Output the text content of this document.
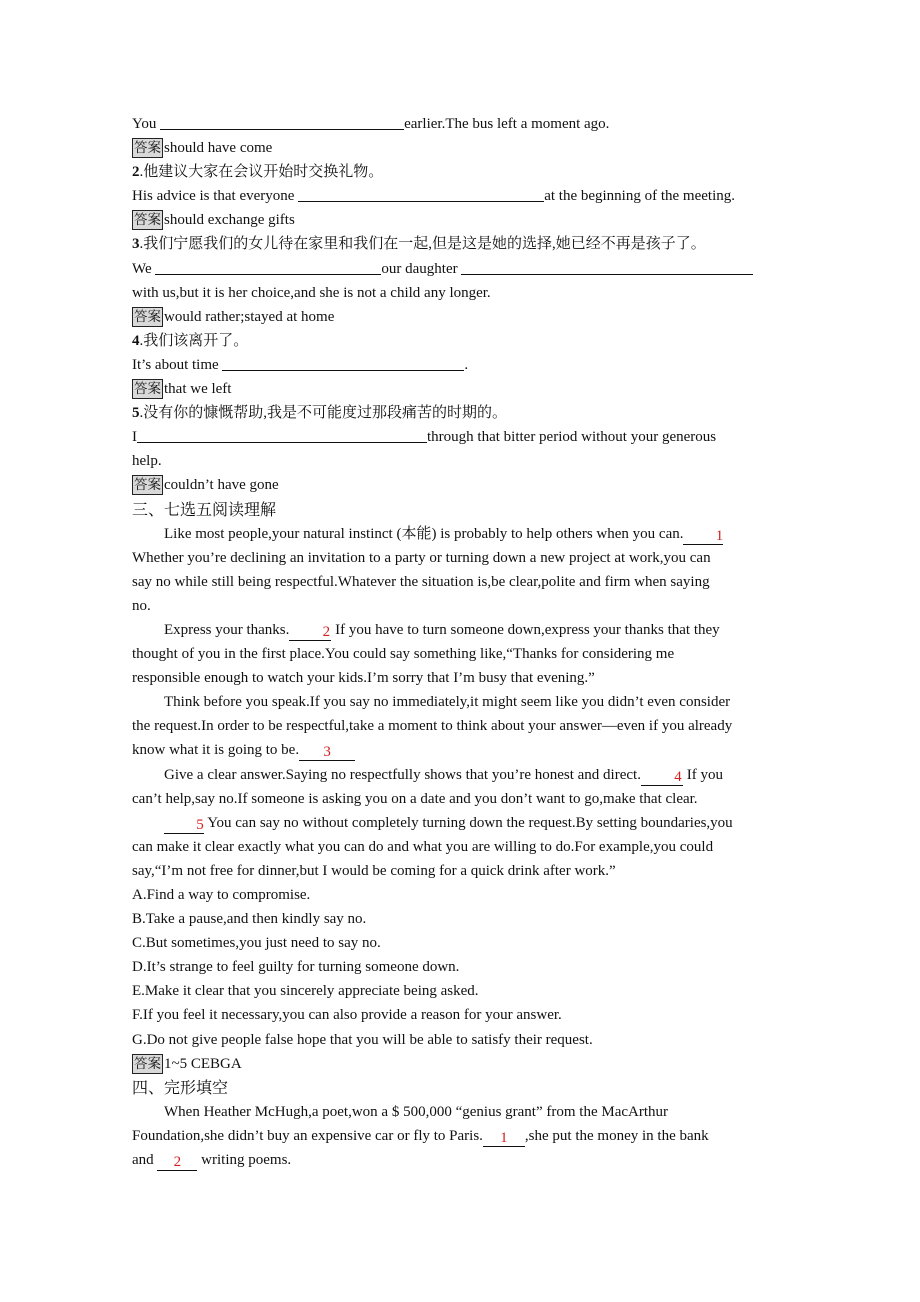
You	earlier.The bus left a moment ago.
答案 should have come
2.他建议大家在会议开始时交换礼物。
His advice is that everyone	at the beginning of the meeting.
答案 should exchange gifts
3.我们宁愿我们的女儿待在家里和我们在一起,但是这是她的选择,她已经不再是孩子了。
We	our daughter
with us,but it is her choice,and she is not a child any longer.
答案 would rather;stayed at home
4.我们该离开了。
It’s about time	.
答案 that we left
5.没有你的慷慨帮助,我是不可能度过那段痛苦的时期的。
I	through that bitter period without your generous
help.
答案 couldn’t have gone
三、七选五阅读理解
Like most people,your natural instinct (本能) is probably to help others when you can. 1
Whether you’re declining an invitation to a party or turning down a new project at work,you can
say no while still being respectful.Whatever the situation is,be clear,polite and firm when saying
no.
Express your thanks. 2 If you have to turn someone down,express your thanks that they
thought of you in the first place.You could say something like,“Thanks for considering me
responsible enough to watch your kids.I’m sorry that I’m busy that evening.”
Think before you speak.If you say no immediately,it might seem like you didn’t even consider
the request.In order to be respectful,take a moment to think about your answer—even if you already
know what it is going to be. 3
Give a clear answer.Saying no respectfully shows that you’re honest and direct. 4 If you
can’t help,say no.If someone is asking you on a date and you don’t want to go,make that clear.
5 You can say no without completely turning down the request.By setting boundaries,you
can make it clear exactly what you can do and what you are willing to do.For example,you could
say,“I’m not free for dinner,but I would be coming for a quick drink after work.”
A.Find a way to compromise.
B.Take a pause,and then kindly say no.
C.But sometimes,you just need to say no.
D.It’s strange to feel guilty for turning someone down.
E.Make it clear that you sincerely appreciate being asked.
F.If you feel it necessary,you can also provide a reason for your answer.
G.Do not give people false hope that you will be able to satisfy their request.
答案 1~5 CEBGA
四、完形填空
When Heather McHugh,a poet,won a $ 500,000 “genius grant” from the MacArthur
Foundation,she didn’t buy an expensive car or fly to Paris. 1 ,she put the money in the bank
and 2 writing poems.
